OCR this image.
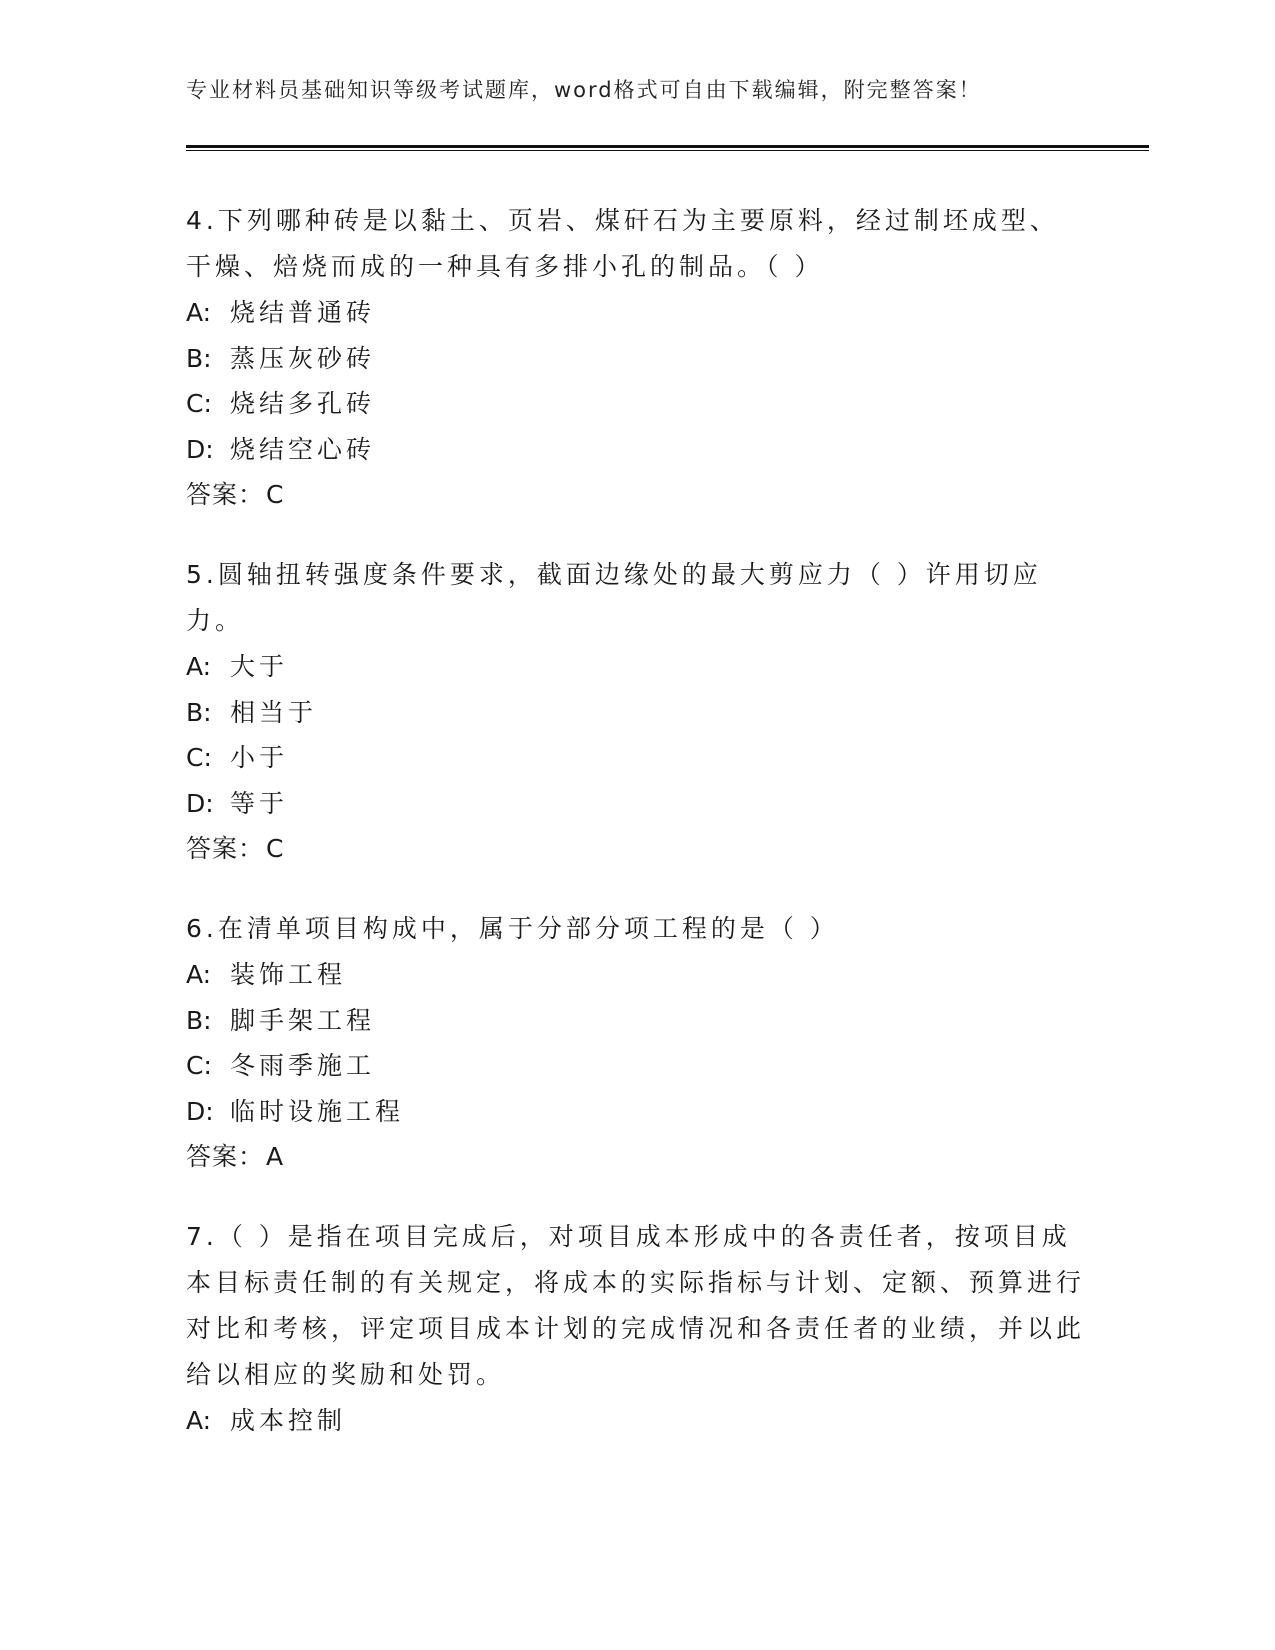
专业材料员基础知识等级考试题库，word格式可自由下载编辑，附完整答案！

4.下列哪种砖是以黏土、页岩、煤矸石为主要原料，经过制坯成型、干燥、焙烧而成的一种具有多排小孔的制品。（ ）

A: 烧结普通砖
B: 蒸压灰砂砖
C: 烧结多孔砖
D: 烧结空心砖
答案：C

5.圆轴扭转强度条件要求，截面边缘处的最大剪应力（ ）许用切应力。

A: 大于
B: 相当于
C: 小于
D: 等于
答案：C

6.在清单项目构成中，属于分部分项工程的是（ ）

A: 装饰工程
B: 脚手架工程
C: 冬雨季施工
D: 临时设施工程
答案：A

7.（ ）是指在项目完成后，对项目成本形成中的各责任者，按项目成本目标责任制的有关规定，将成本的实际指标与计划、定额、预算进行对比和考核，评定项目成本计划的完成情况和各责任者的业绩，并以此给以相应的奖励和处罚。

A: 成本控制
